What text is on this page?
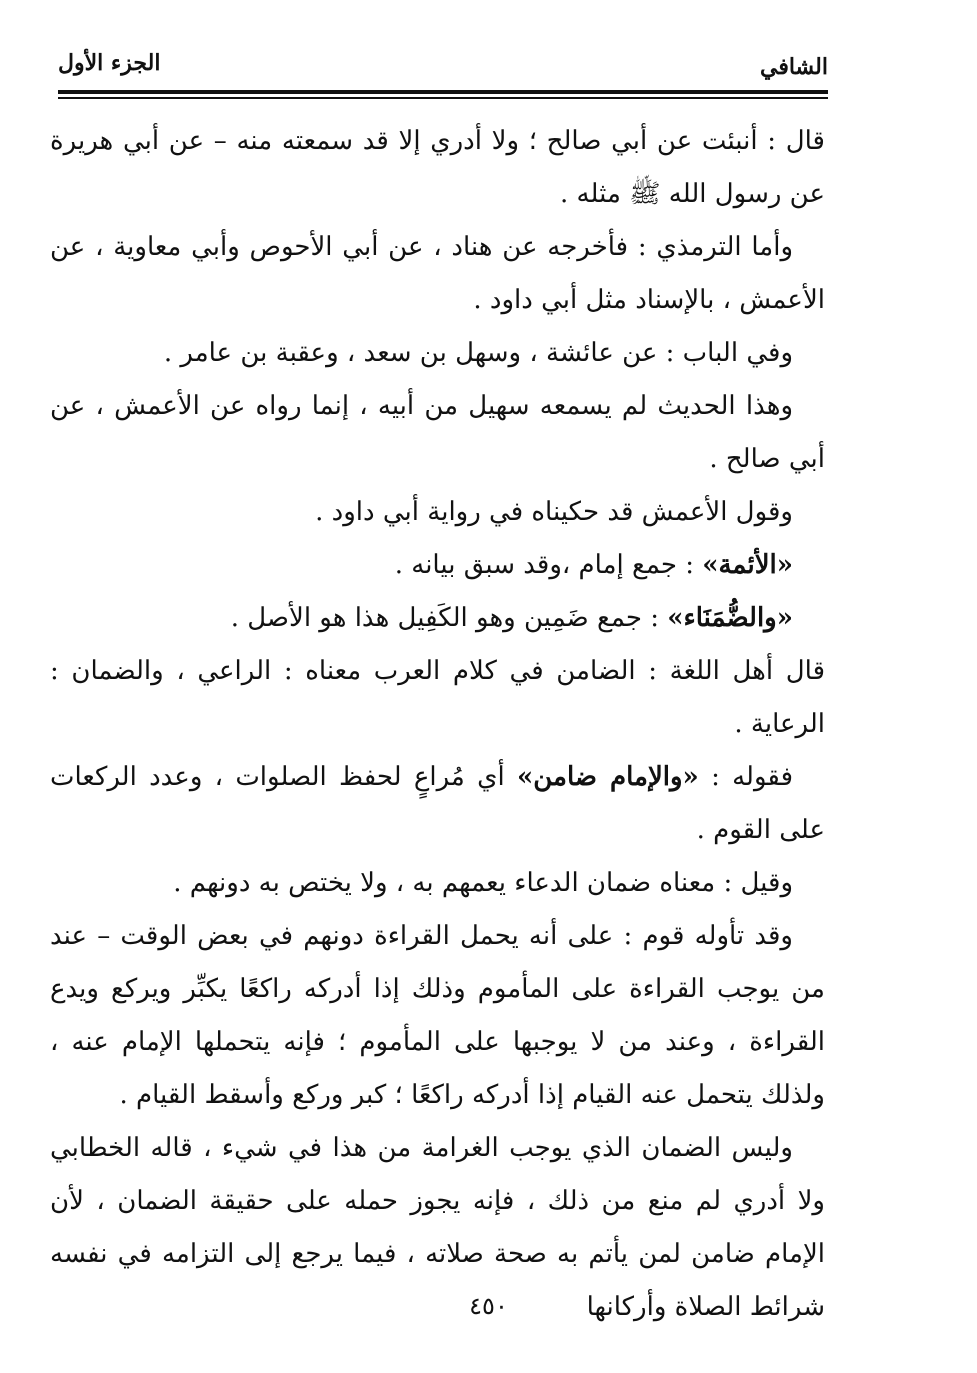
الشافي
الجزء الأول

قال : أنبئت عن أبي صالح ؛ ولا أدري إلا قد سمعته منه – عن أبي هريرة عن رسول الله ﷺ مثله .

وأما الترمذي : فأخرجه عن هناد ، عن أبي الأحوص وأبي معاوية ، عن الأعمش ، بالإسناد مثل أبي داود .

وفي الباب : عن عائشة ، وسهل بن سعد ، وعقبة بن عامر .

وهذا الحديث لم يسمعه سهيل من أبيه ، إنما رواه عن الأعمش ، عن أبي صالح .

وقول الأعمش قد حكيناه في رواية أبي داود .

«الأئمة» : جمع إمام ،وقد سبق بيانه .

«والضُّمَنَاء» : جمع ضَمِين وهو الكَفِيل هذا هو الأصل .

قال أهل اللغة : الضامن في كلام العرب معناه : الراعي ، والضمان : الرعاية .

فقوله : «والإمام ضامن» أي مُراعٍ لحفظ الصلوات ، وعدد الركعات على القوم .

وقيل : معناه ضمان الدعاء يعمهم به ، ولا يختص به دونهم .

وقد تأوله قوم : على أنه يحمل القراءة دونهم في بعض الوقت – عند من يوجب القراءة على المأموم وذلك إذا أدركه راكعًا يكبِّر ويركع ويدع القراءة ، وعند من لا يوجبها على المأموم ؛ فإنه يتحملها الإمام عنه ، ولذلك يتحمل عنه القيام إذا أدركه راكعًا ؛ كبر وركع وأسقط القيام .

وليس الضمان الذي يوجب الغرامة من هذا في شيء ، قاله الخطابي ولا أدري لم منع من ذلك ، فإنه يجوز حمله على حقيقة الضمان ، لأن الإمام ضامن لمن يأتم به صحة صلاته ، فيما يرجع إلى التزامه في نفسه شرائط الصلاة وأركانها

٤٥٠
